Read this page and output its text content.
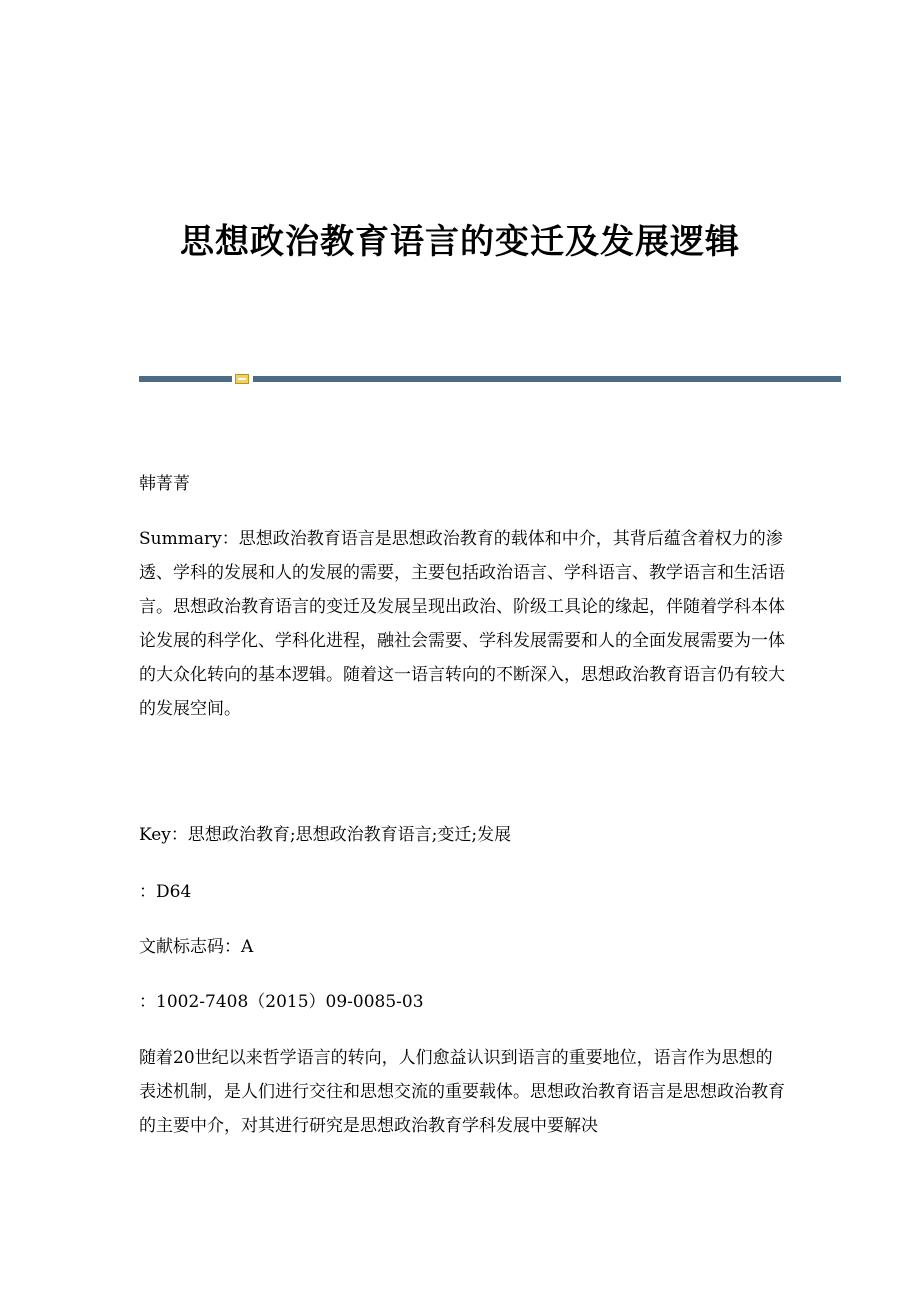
思想政治教育语言的变迁及发展逻辑
韩菁菁
Summary：思想政治教育语言是思想政治教育的载体和中介，其背后蕴含着权力的渗透、学科的发展和人的发展的需要，主要包括政治语言、学科语言、教学语言和生活语言。思想政治教育语言的变迁及发展呈现出政治、阶级工具论的缘起，伴随着学科本体论发展的科学化、学科化进程，融社会需要、学科发展需要和人的全面发展需要为一体的大众化转向的基本逻辑。随着这一语言转向的不断深入，思想政治教育语言仍有较大的发展空间。
Key：思想政治教育;思想政治教育语言;变迁;发展
：D64
文献标志码：A
：1002-7408（2015）09-0085-03
随着20世纪以来哲学语言的转向，人们愈益认识到语言的重要地位，语言作为思想的表述机制，是人们进行交往和思想交流的重要载体。思想政治教育语言是思想政治教育的主要中介，对其进行研究是思想政治教育学科发展中要解决
